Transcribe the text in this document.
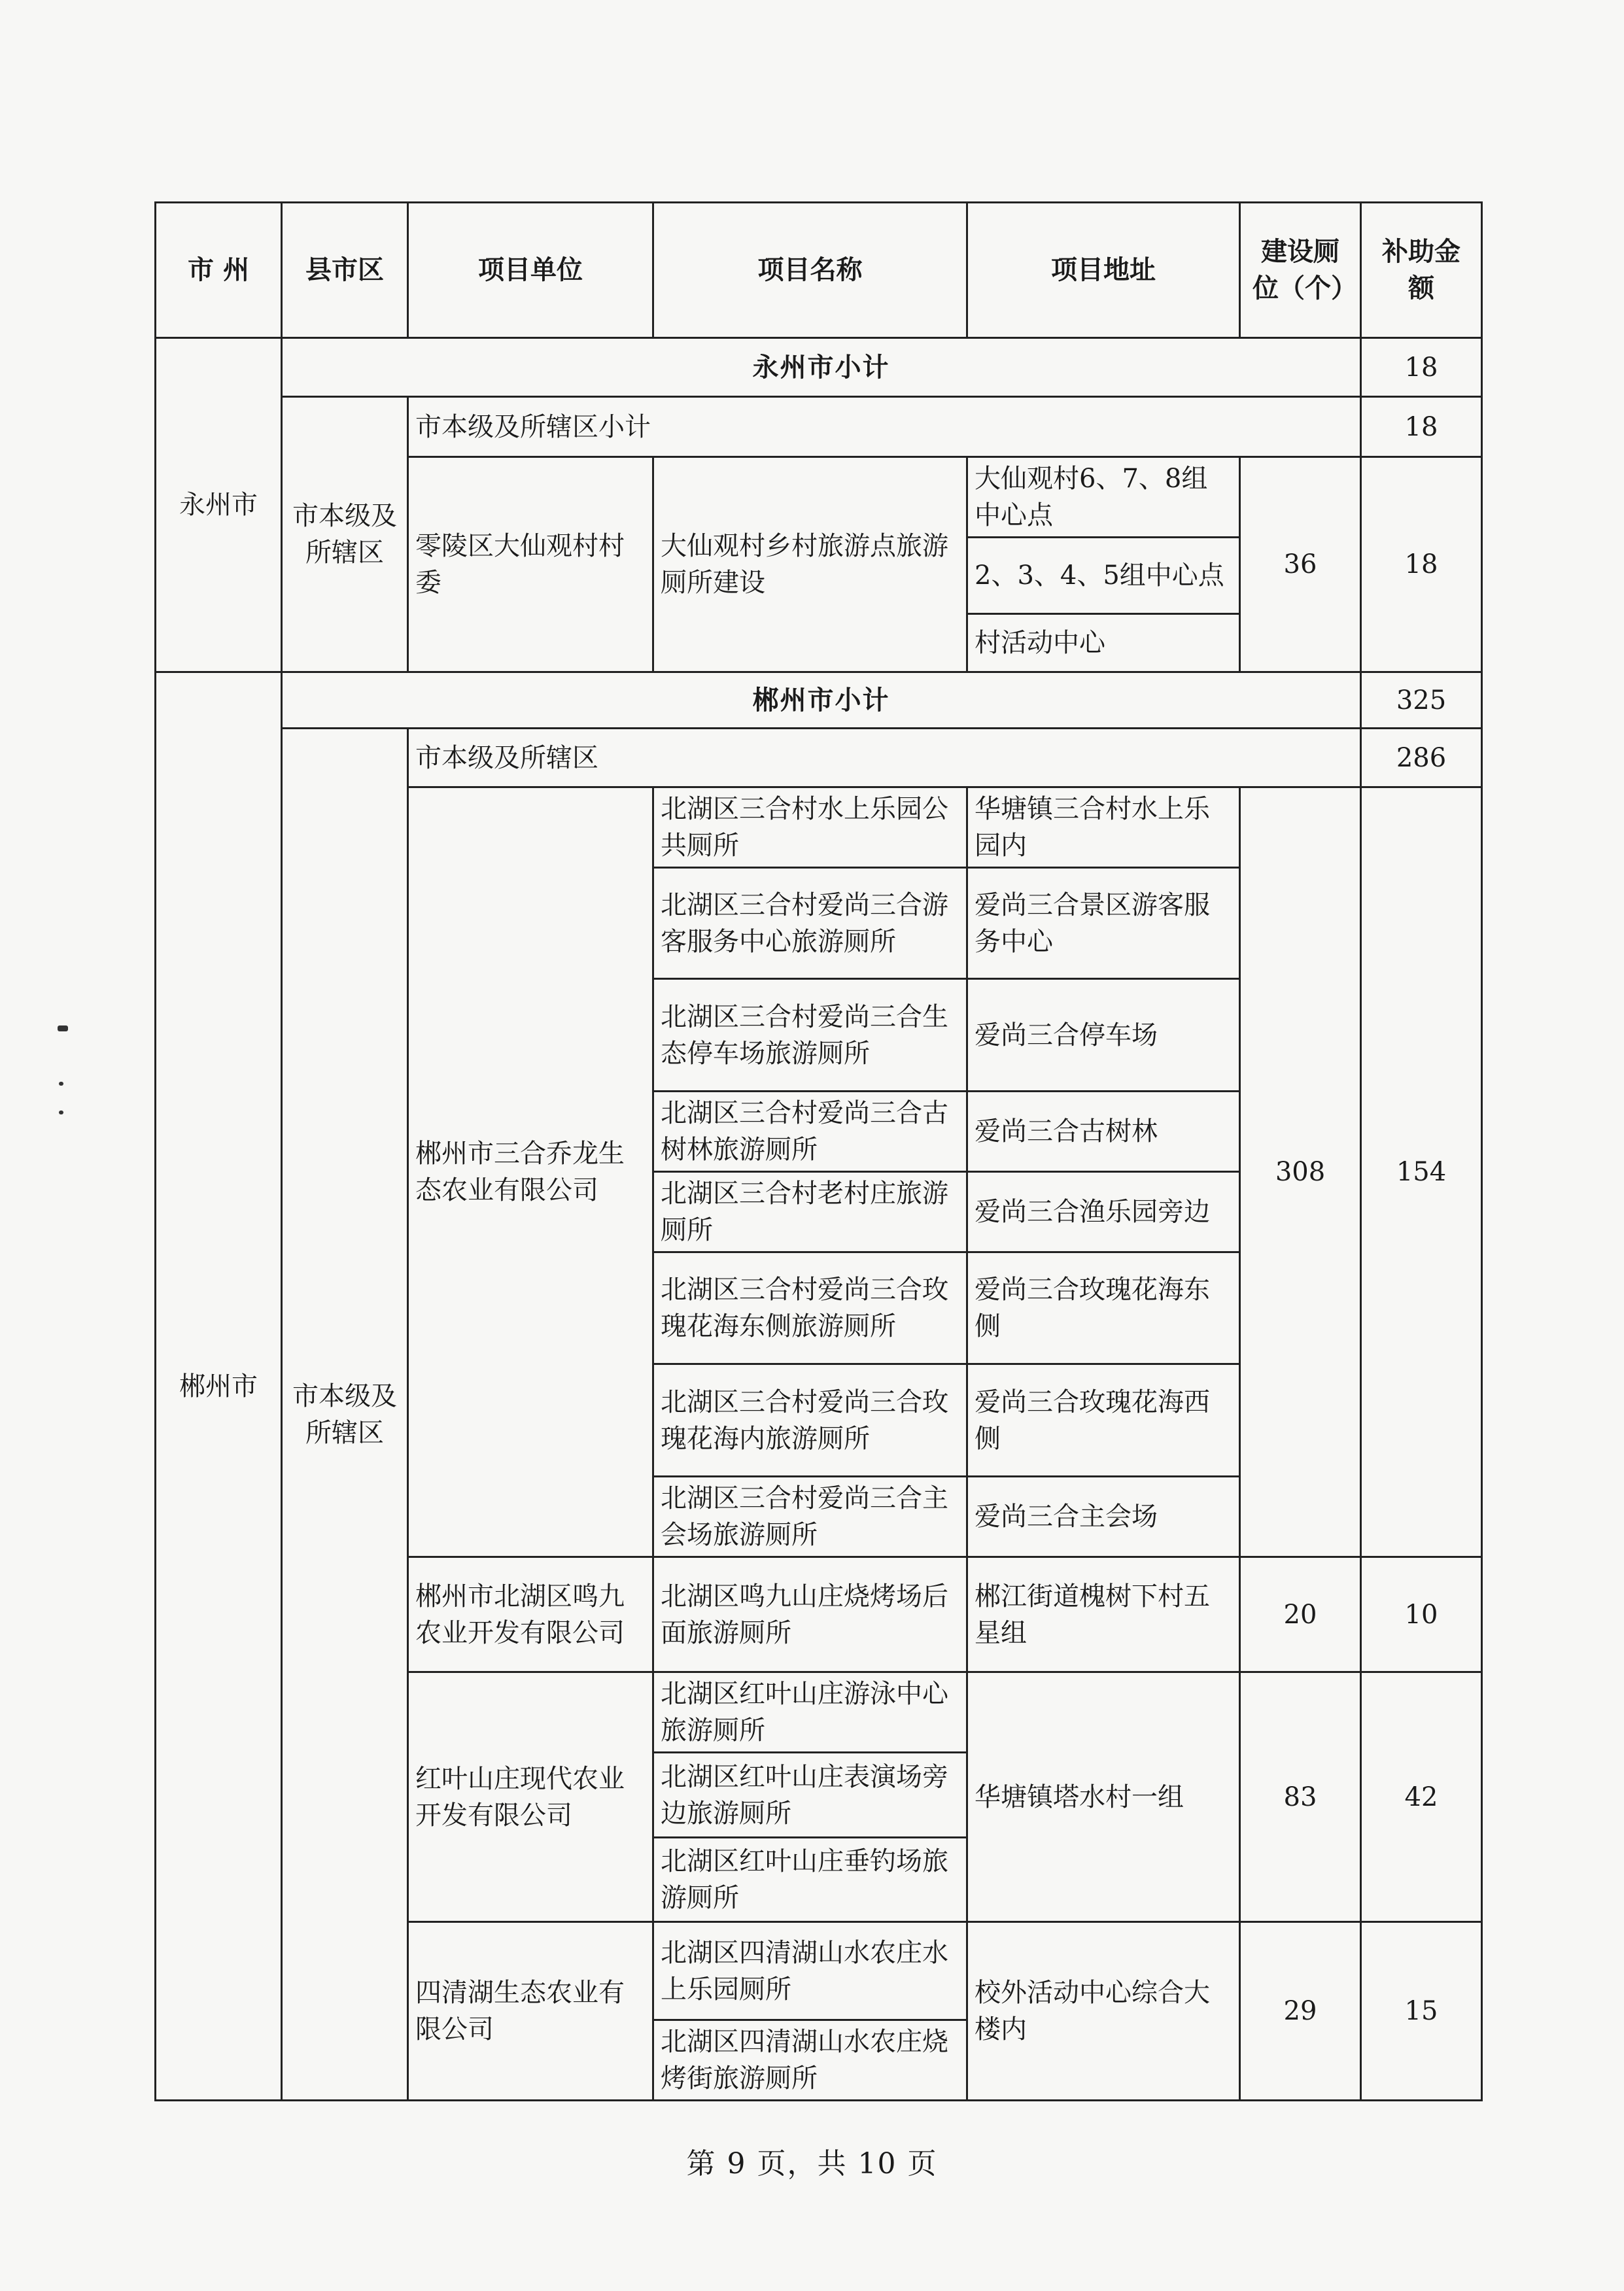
市 州	县市区	项目单位	项目名称	项目地址	建设厕位（个）	补助金额
永州市	永州市小计					18
	市本级及所辖区	市本级及所辖区小计				18
		零陵区大仙观村村委	大仙观村乡村旅游点旅游厕所建设	大仙观村6、7、8组中心点	36	18
				2、3、4、5组中心点		
				村活动中心		
郴州市	郴州市小计					325
	市本级及所辖区	市本级及所辖区				286
		郴州市三合乔龙生态农业有限公司	北湖区三合村水上乐园公共厕所	华塘镇三合村水上乐园内	308	154
			北湖区三合村爱尚三合游客服务中心旅游厕所	爱尚三合景区游客服务中心		
			北湖区三合村爱尚三合生态停车场旅游厕所	爱尚三合停车场		
			北湖区三合村爱尚三合古树林旅游厕所	爱尚三合古树林		
			北湖区三合村老村庄旅游厕所	爱尚三合渔乐园旁边		
			北湖区三合村爱尚三合玫瑰花海东侧旅游厕所	爱尚三合玫瑰花海东侧		
			北湖区三合村爱尚三合玫瑰花海内旅游厕所	爱尚三合玫瑰花海西侧		
			北湖区三合村爱尚三合主会场旅游厕所	爱尚三合主会场		
		郴州市北湖区鸣九农业开发有限公司	北湖区鸣九山庄烧烤场后面旅游厕所	郴江街道槐树下村五星组	20	10
		红叶山庄现代农业开发有限公司	北湖区红叶山庄游泳中心旅游厕所	华塘镇塔水村一组	83	42
			北湖区红叶山庄表演场旁边旅游厕所			
			北湖区红叶山庄垂钓场旅游厕所			
		四清湖生态农业有限公司	北湖区四清湖山水农庄水上乐园厕所	校外活动中心综合大楼内	29	15
			北湖区四清湖山水农庄烧烤街旅游厕所			
第 9 页，共 10 页
